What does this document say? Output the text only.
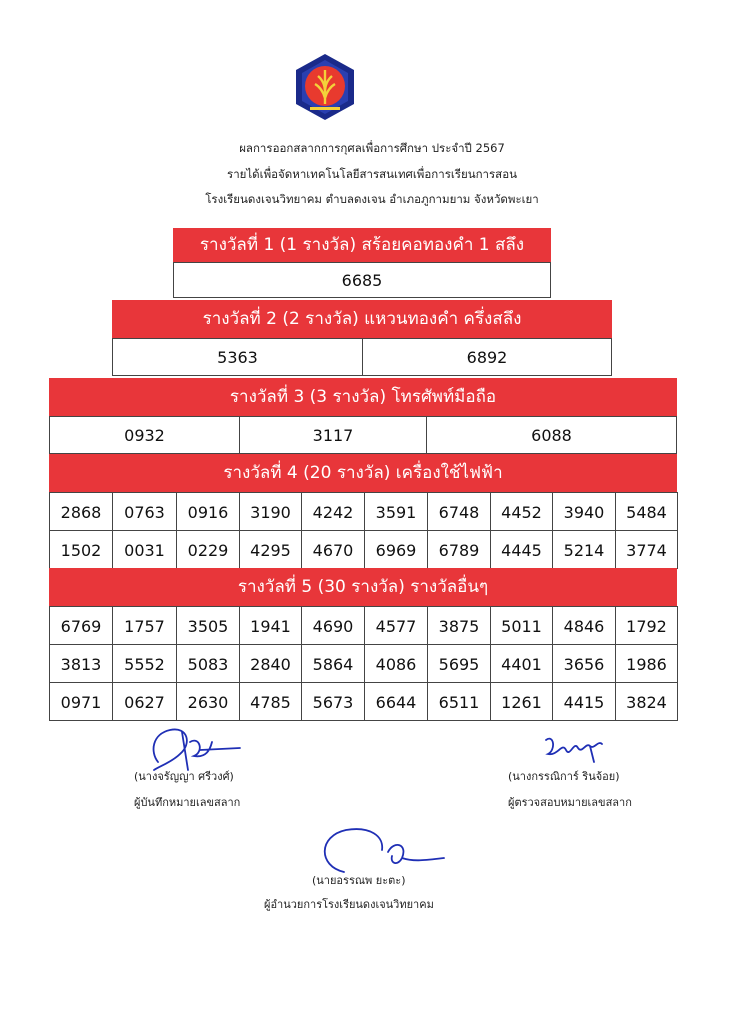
ผลการออกสลากการกุศลเพื่อการศึกษา ประจำปี 2567
รายได้เพื่อจัดหาเทคโนโลยีสารสนเทศเพื่อการเรียนการสอน
โรงเรียนดงเจนวิทยาคม ตำบลดงเจน อำเภอภูกามยาม จังหวัดพะเยา
รางวัลที่ 1 (1 รางวัล) สร้อยคอทองคำ 1 สลึง
6685
รางวัลที่ 2 (2 รางวัล) แหวนทองคำ ครึ่งสลึง
5363	6892
รางวัลที่ 3 (3 รางวัล) โทรศัพท์มือถือ
0932	3117	6088
รางวัลที่ 4 (20 รางวัล) เครื่องใช้ไฟฟ้า
2868	0763	0916	3190	4242	3591	6748	4452	3940	5484
1502	0031	0229	4295	4670	6969	6789	4445	5214	3774
รางวัลที่ 5 (30 รางวัล) รางวัลอื่นๆ
6769	1757	3505	1941	4690	4577	3875	5011	4846	1792
3813	5552	5083	2840	5864	4086	5695	4401	3656	1986
0971	0627	2630	4785	5673	6644	6511	1261	4415	3824
(นางจรัญญา ศรีวงศ์)
ผู้บันทึกหมายเลขสลาก
(นางกรรณิการ์ รินจ้อย)
ผู้ตรวจสอบหมายเลขสลาก
(นายอรรณพ ยะตะ)
ผู้อำนวยการโรงเรียนดงเจนวิทยาคม
